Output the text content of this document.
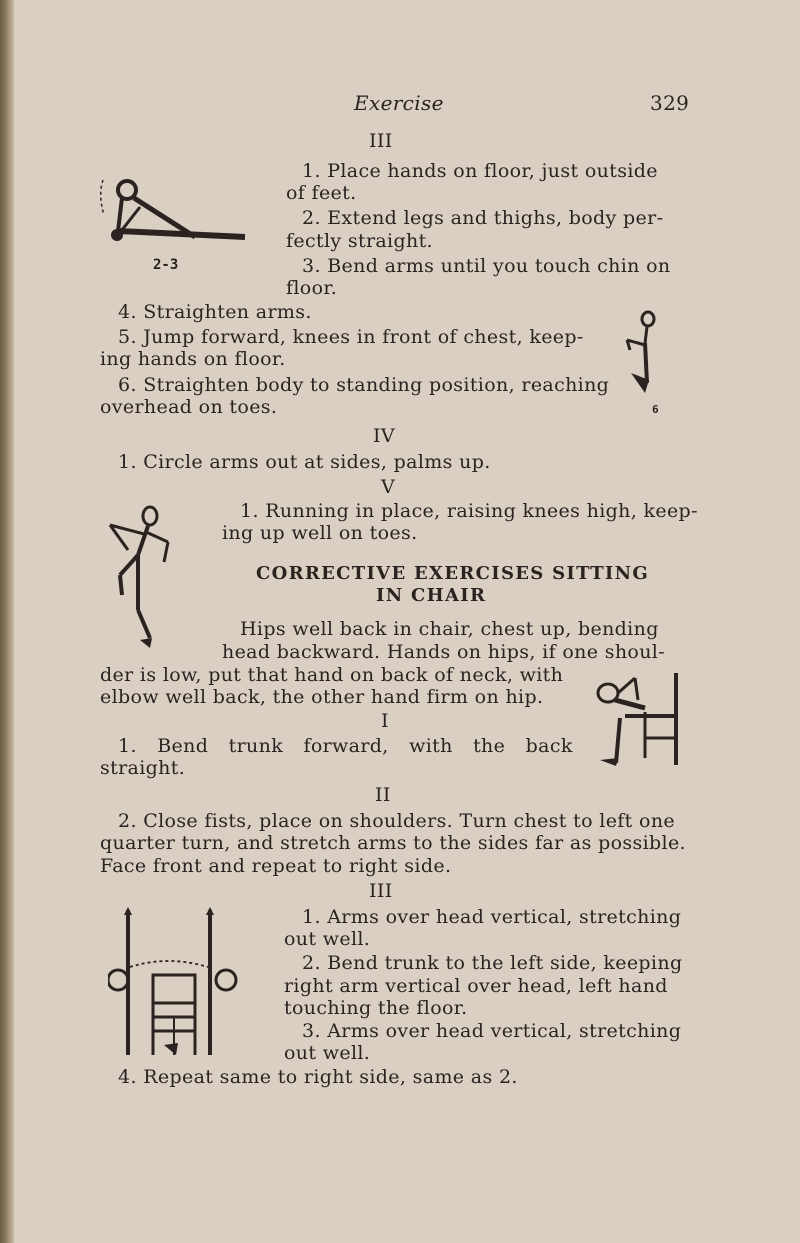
Exercise	329
III
1. Place hands on floor, just outside
of feet.
2. Extend legs and thighs, body per-
fectly straight.
3. Bend arms until you touch chin on
floor.
4. Straighten arms.
5. Jump forward, knees in front of chest, keep-
ing hands on floor.
6. Straighten body to standing position, reaching
overhead on toes.
IV
1. Circle arms out at sides, palms up.
V
1. Running in place, raising knees high, keep-
ing up well on toes.
CORRECTIVE EXERCISES SITTING
IN CHAIR
Hips well back in chair, chest up, bending
head backward. Hands on hips, if one shoul-
der is low, put that hand on back of neck, with
elbow well back, the other hand firm on hip.
I
1. Bend trunk forward, with the back
straight.
II
2. Close fists, place on shoulders. Turn chest to left one
quarter turn, and stretch arms to the sides far as possible.
Face front and repeat to right side.
III
1. Arms over head vertical, stretching
out well.
2. Bend trunk to the left side, keeping
right arm vertical over head, left hand
touching the floor.
3. Arms over head vertical, stretching
out well.
4. Repeat same to right side, same as 2.
2-3
6
